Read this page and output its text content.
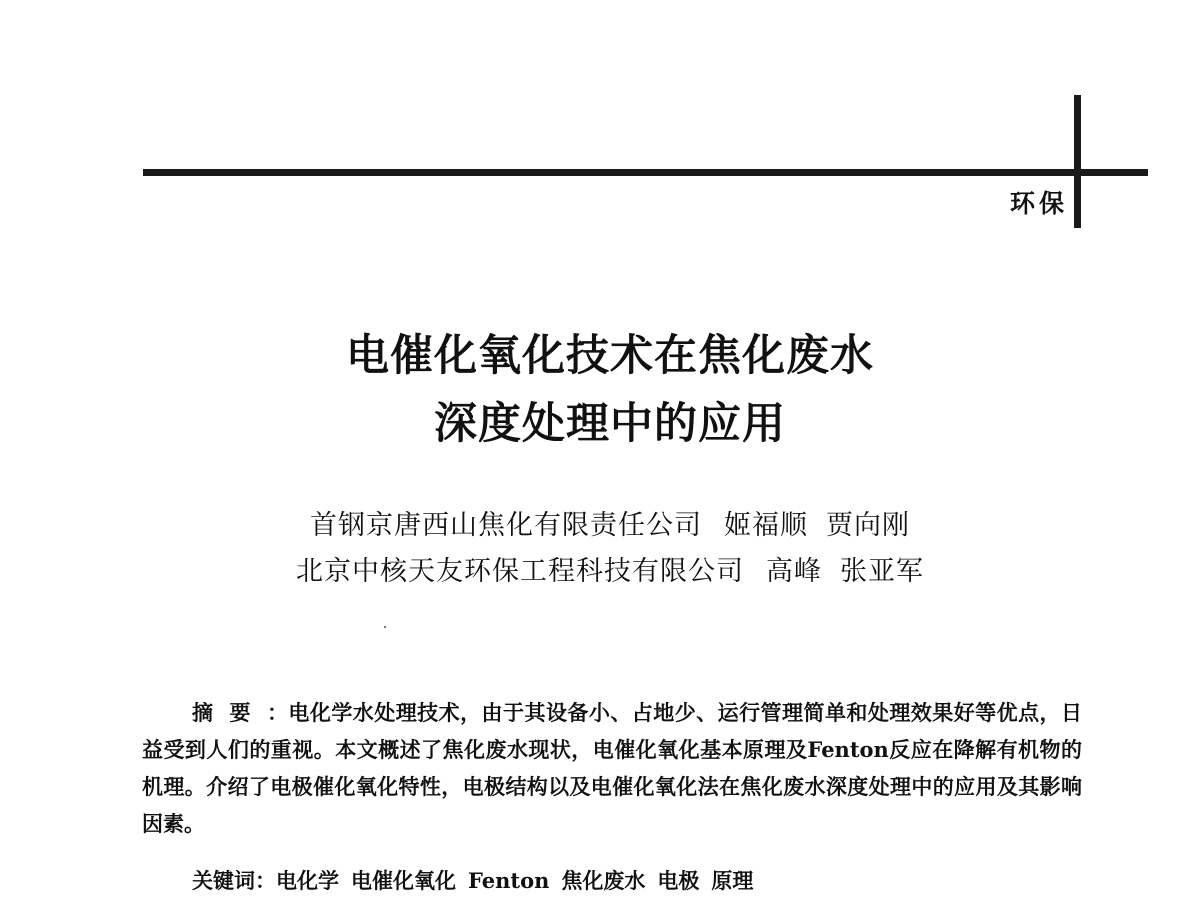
环保
电催化氧化技术在焦化废水
深度处理中的应用
首钢京唐西山焦化有限责任公司 姬福顺 贾向刚
北京中核天友环保工程科技有限公司 高峰 张亚军
摘要：电化学水处理技术，由于其设备小、占地少、运行管理简单和处理效果好等优点，日益受到人们的重视。本文概述了焦化废水现状，电催化氧化基本原理及Fenton反应在降解有机物的机理。介绍了电极催化氧化特性，电极结构以及电催化氧化法在焦化废水深度处理中的应用及其影响因素。
关键词：电化学 电催化氧化 Fenton 焦化废水 电极 原理
